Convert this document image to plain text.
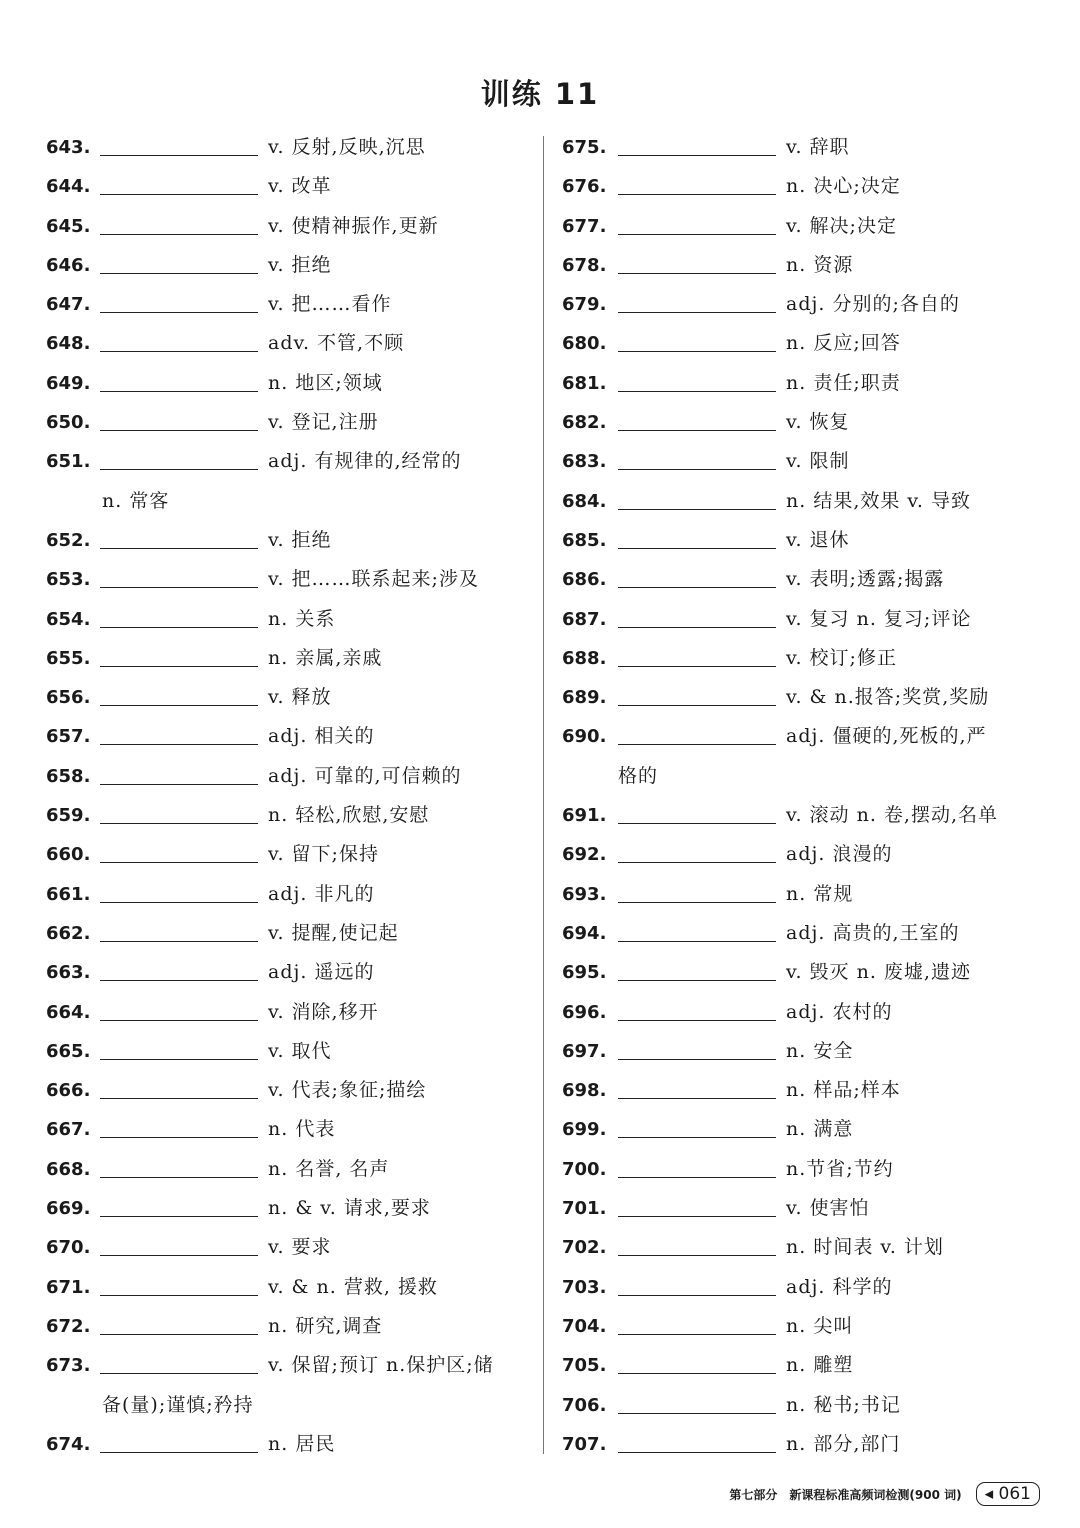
训练 11
643.	v. 反射,反映,沉思
644.	v. 改革
645.	v. 使精神振作,更新
646.	v. 拒绝
647.	v. 把……看作
648.	adv. 不管,不顾
649.	n. 地区;领域
650.	v. 登记,注册
651.	adj. 有规律的,经常的
n. 常客
652.	v. 拒绝
653.	v. 把……联系起来;涉及
654.	n. 关系
655.	n. 亲属,亲戚
656.	v. 释放
657.	adj. 相关的
658.	adj. 可靠的,可信赖的
659.	n. 轻松,欣慰,安慰
660.	v. 留下;保持
661.	adj. 非凡的
662.	v. 提醒,使记起
663.	adj. 遥远的
664.	v. 消除,移开
665.	v. 取代
666.	v. 代表;象征;描绘
667.	n. 代表
668.	n. 名誉, 名声
669.	n. & v. 请求,要求
670.	v. 要求
671.	v. & n. 营救, 援救
672.	n. 研究,调查
673.	v. 保留;预订 n.保护区;储
备(量);谨慎;矜持
674.	n. 居民
675.	v. 辞职
676.	n. 决心;决定
677.	v. 解决;决定
678.	n. 资源
679.	adj. 分别的;各自的
680.	n. 反应;回答
681.	n. 责任;职责
682.	v. 恢复
683.	v. 限制
684.	n. 结果,效果 v. 导致
685.	v. 退休
686.	v. 表明;透露;揭露
687.	v. 复习 n. 复习;评论
688.	v. 校订;修正
689.	v. & n.报答;奖赏,奖励
690.	adj. 僵硬的,死板的,严
格的
691.	v. 滚动 n. 卷,摆动,名单
692.	adj. 浪漫的
693.	n. 常规
694.	adj. 高贵的,王室的
695.	v. 毁灭 n. 废墟,遗迹
696.	adj. 农村的
697.	n. 安全
698.	n. 样品;样本
699.	n. 满意
700.	n.节省;节约
701.	v. 使害怕
702.	n. 时间表 v. 计划
703.	adj. 科学的
704.	n. 尖叫
705.	n. 雕塑
706.	n. 秘书;书记
707.	n. 部分,部门
第七部分 新课程标准高频词检测(900 词)	◂ 061
